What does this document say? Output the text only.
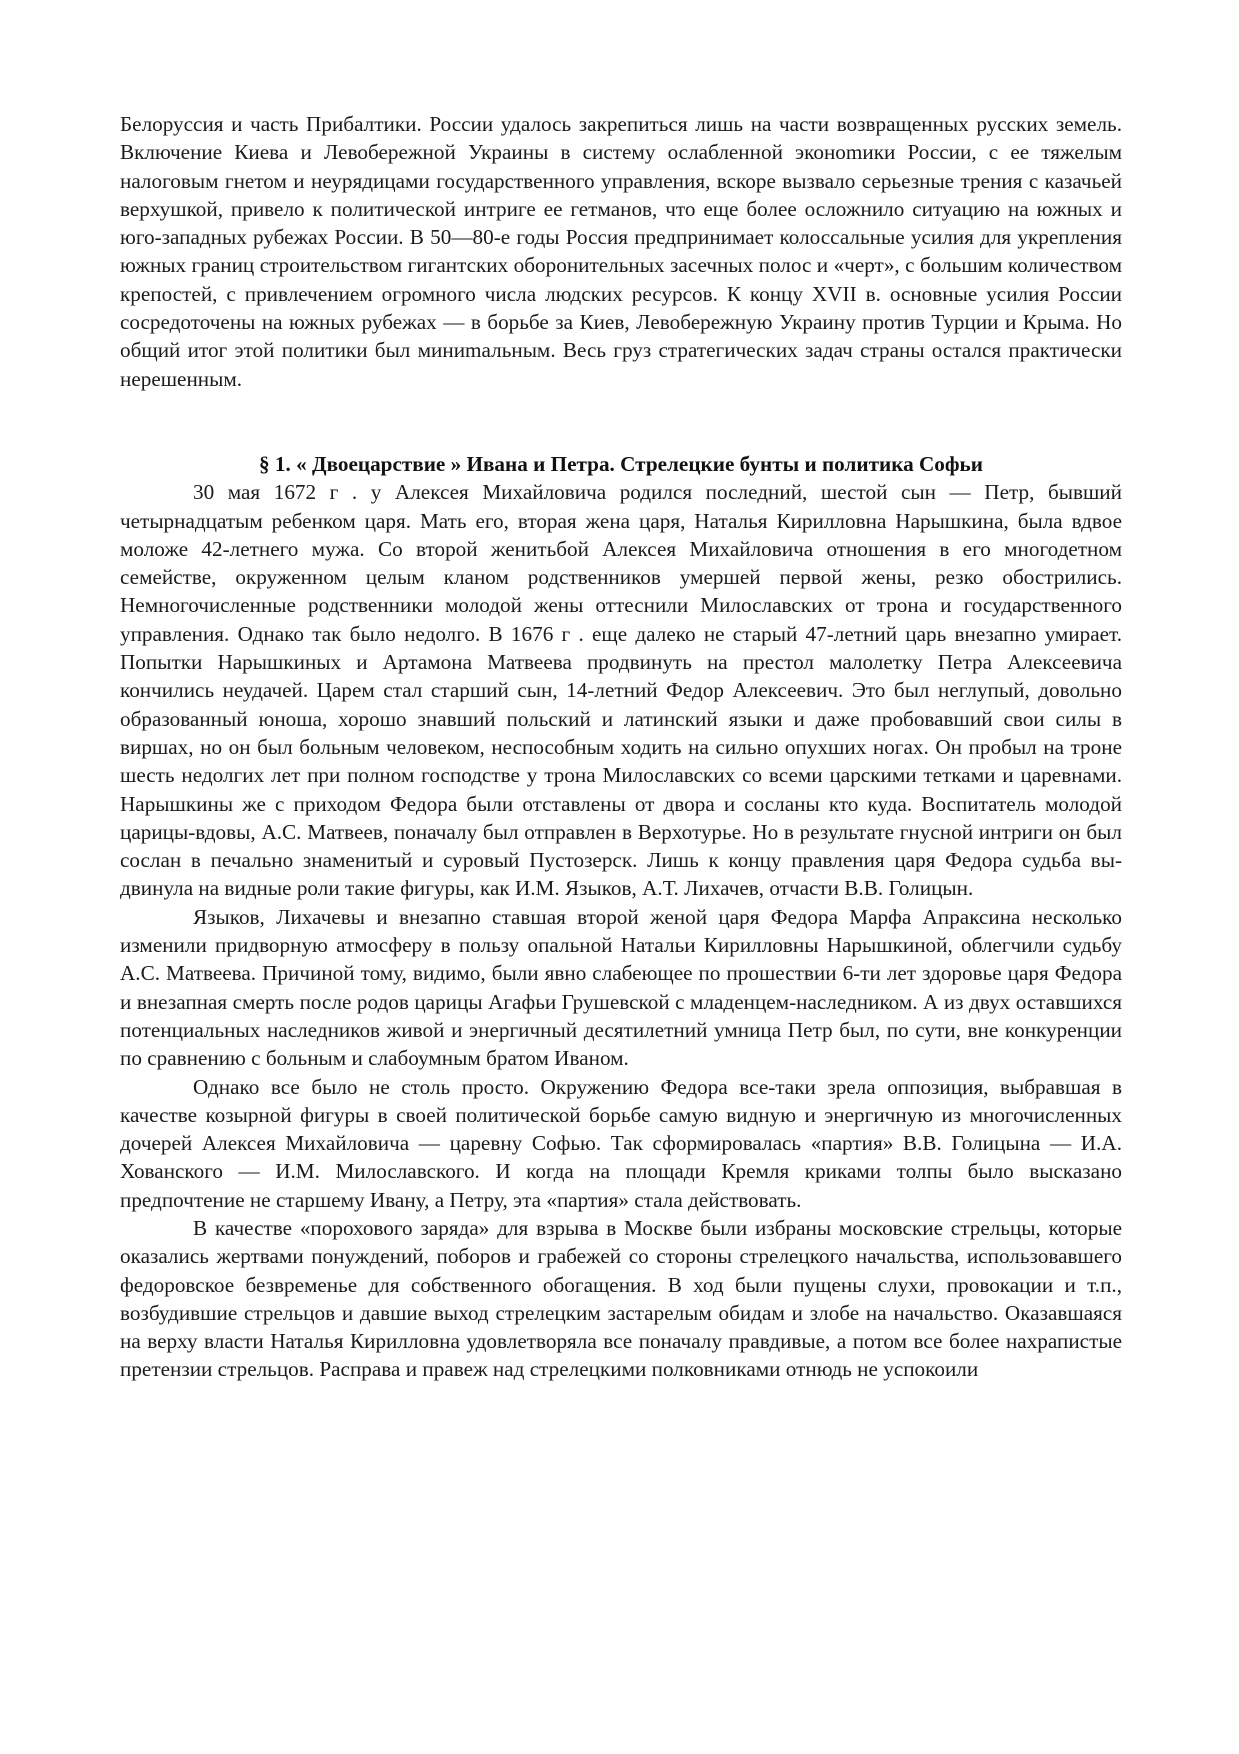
Белоруссия и часть Прибалтики. России удалось закрепиться лишь на части возвращенных русских земель. Включение Киева и Левобережной Украины в систему ослабленной эконоmики России, с ее тяжелым налоговым гнетом и неурядицами государственного управления, вскоре вызвало серьезные трения с казачьей верхушкой, привело к политической интриге ее гетманов, что еще более осложнило ситуацию на южных и юго-западных рубежах России. В 50—80-е годы Россия предпринимает колоссальные усилия для укрепления южных границ строительством гигантских оборонительных засечных полос и «черт», с большим количеством крепостей, с привлечением огромного числа людских ресурсов. К концу XVII в. основные усилия России сосредоточены на южных рубежах — в борьбе за Киев, Левобережную Украину против Турции и Крыма. Но общий итог этой политики был миниmальным. Весь груз стратегических задач страны остался практически нерешенным.

§ 1. « Двоецарствие » Ивана и Петра. Стрелецкие бунты и политика Софьи

30 мая 1672 г . у Алексея Михайловича родился последний, шестой сын — Петр, бывший четырнадцатым ребенком царя. Мать его, вторая жена царя, Наталья Кирилловна Нарышкина, была вдвое моложе 42-летнего мужа. Со второй женитьбой Алексея Михайловича отношения в его многодетном семействе, окруженном целым кланом родственников умершей первой жены, резко обострились. Немногочисленные родственники молодой жены оттеснили Милославских от трона и государственного управления. Однако так было недолго. В 1676 г . еще далеко не старый 47-летний царь внезапно умирает. Попытки Нарышкиных и Артамона Матвеева продвинуть на престол малолетку Петра Алексеевича кончились неудачей. Царем стал старший сын, 14-летний Федор Алексеевич. Это был неглупый, довольно образованный юноша, хорошо знавший польский и латинский языки и даже пробовавший свои силы в виршах, но он был больным человеком, неспособным ходить на сильно опухших ногах. Он пробыл на троне шесть недолгих лет при полном господстве у трона Милославских со всеми царскими тетками и царевнами. Нарышкины же с приходом Федора были отставлены от двора и сосланы кто куда. Воспитатель молодой царицы-вдовы, А.С. Матвеев, поначалу был отправлен в Верхотурье. Но в результате гнусной интриги он был сослан в печально знаменитый и суровый Пустозерск. Лишь к концу правления царя Федора судьба выдвинула на видные роли такие фигуры, как И.М. Языков, А.Т. Лихачев, отчасти В.В. Голицын.

Языков, Лихачевы и внезапно ставшая второй женой царя Федора Марфа Апраксина несколько изменили придворную атмосферу в пользу опальной Натальи Кирилловны Нарышкиной, облегчили судьбу А.С. Матвеева. Причиной тому, видимо, были явно слабеющее по прошествии 6-ти лет здоровье царя Федора и внезапная смерть после родов царицы Агафьи Грушевской с младенцем-наследником. А из двух оставшихся потенциальных наследников живой и энергичный десятилетний умница Петр был, по сути, вне конкуренции по сравнению с больным и слабоумным братом Иваном.

Однако все было не столь просто. Окружению Федора все-таки зрела оппозиция, выбравшая в качестве козырной фигуры в своей политической борьбе самую видную и энергичную из многочисленных дочерей Алексея Михайловича — царевну Софью. Так сформировалась «партия» В.В. Голицына — И.А. Хованского — И.М. Милославского. И когда на площади Кремля криками толпы было высказано предпочтение не старшему Ивану, а Петру, эта «партия» стала действовать.

В качестве «порохового заряда» для взрыва в Москве были избраны московские стрельцы, которые оказались жертвами понуждений, поборов и грабежей со стороны стрелецкого начальства, использовавшего федоровское безвременье для собственного обогащения. В ход были пущены слухи, провокации и т.п., возбудившие стрельцов и давшие выход стрелецким застарелым обидам и злобе на начальство. Оказавшаяся на верху власти Наталья Кирилловна удовлетворяла все поначалу правдивые, а потом все более нахрапистые претензии стрельцов. Расправа и правеж над стрелецкими полковниками отнюдь не успокоили
